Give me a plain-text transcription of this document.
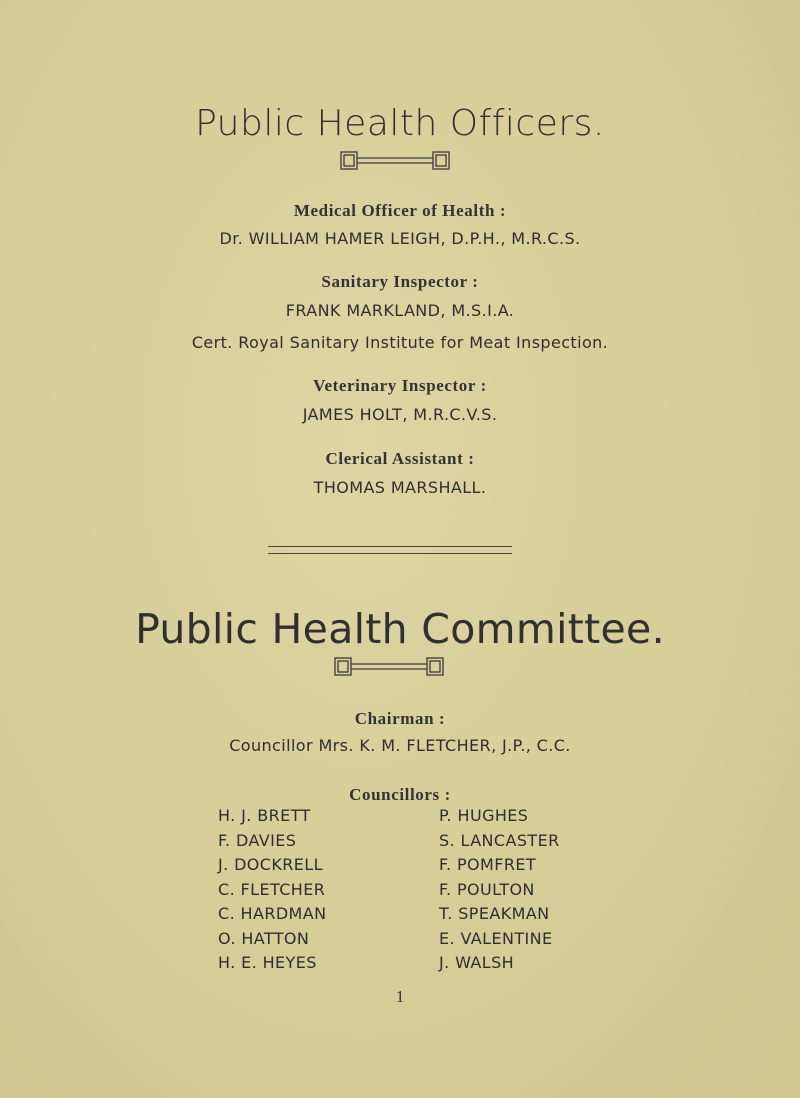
Public Health Officers.
Medical Officer of Health :
Dr. WILLIAM HAMER LEIGH, D.P.H., M.R.C.S.
Sanitary Inspector :
FRANK MARKLAND, M.S.I.A.
Cert. Royal Sanitary Institute for Meat Inspection.
Veterinary Inspector :
JAMES HOLT, M.R.C.V.S.
Clerical Assistant :
THOMAS MARSHALL.
Public Health Committee.
Chairman :
Councillor Mrs. K. M. FLETCHER, J.P., C.C.
Councillors :
H. J. BRETT
F. DAVIES
J. DOCKRELL
C. FLETCHER
C. HARDMAN
O. HATTON
H. E. HEYES
P. HUGHES
S. LANCASTER
F. POMFRET
F. POULTON
T. SPEAKMAN
E. VALENTINE
J. WALSH
1
